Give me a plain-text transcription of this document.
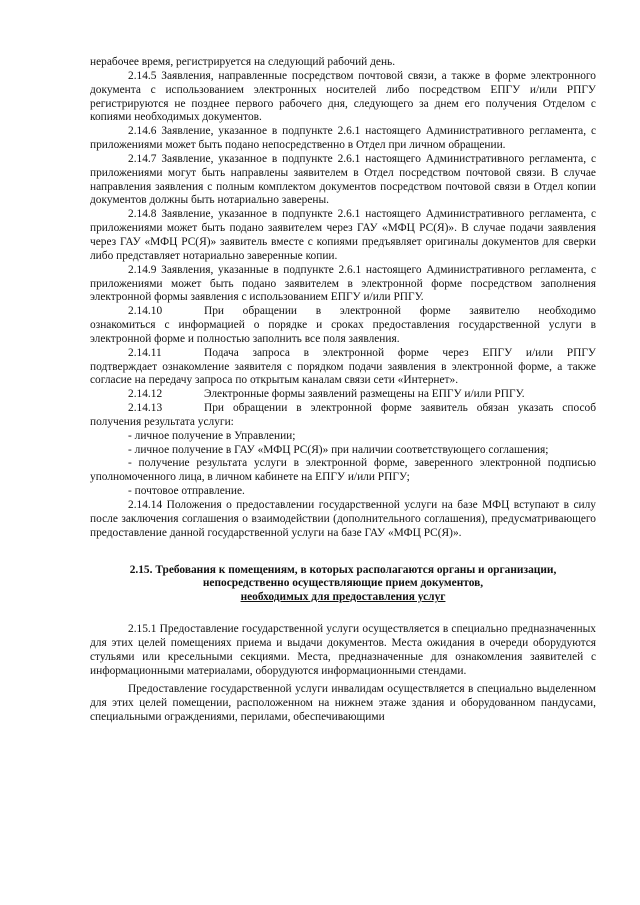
нерабочее время, регистрируется на следующий рабочий день.

2.14.5 Заявления, направленные посредством почтовой связи, а также в форме электронного документа с использованием электронных носителей либо посредством ЕПГУ и/или РПГУ регистрируются не позднее первого рабочего дня, следующего за днем его получения Отделом с копиями необходимых документов.

2.14.6 Заявление, указанное в подпункте 2.6.1 настоящего Административного регламента, с приложениями может быть подано непосредственно в Отдел при личном обращении.

2.14.7 Заявление, указанное в подпункте 2.6.1 настоящего Административного регламента, с приложениями могут быть направлены заявителем в Отдел посредством почтовой связи. В случае направления заявления с полным комплектом документов посредством почтовой связи в Отдел копии документов должны быть нотариально заверены.

2.14.8 Заявление, указанное в подпункте 2.6.1 настоящего Административного регламента, с приложениями может быть подано заявителем через ГАУ «МФЦ РС(Я)». В случае подачи заявления через ГАУ «МФЦ РС(Я)» заявитель вместе с копиями предъявляет оригиналы документов для сверки либо представляет нотариально заверенные копии.

2.14.9 Заявления, указанные в подпункте 2.6.1 настоящего Административного регламента, с приложениями может быть подано заявителем в электронной форме посредством заполнения электронной формы заявления с использованием ЕПГУ и/или РПГУ.

2.14.10	При обращении в электронной форме заявителю необходимо

ознакомиться с информацией о порядке и сроках предоставления государственной услуги в электронной форме и полностью заполнить все поля заявления.

2.14.11	Подача запроса в электронной форме через ЕПГУ и/или РПГУ

подтверждает ознакомление заявителя с порядком подачи заявления в электронной форме, а также согласие на передачу запроса по открытым каналам связи сети «Интернет».

2.14.12	Электронные формы заявлений размещены на ЕПГУ и/или РПГУ.
2.14.13	При обращении в электронной форме заявитель обязан указать способ

получения результата услуги:

- личное получение в Управлении;

- личное получение в ГАУ «МФЦ РС(Я)» при наличии соответствующего соглашения;

- получение результата услуги в электронной форме, заверенного электронной подписью уполномоченного лица, в личном кабинете на ЕПГУ и/или РПГУ;

- почтовое отправление.

2.14.14 Положения о предоставлении государственной услуги на базе МФЦ вступают в силу после заключения соглашения о взаимодействии (дополнительного соглашения), предусматривающего предоставление данной государственной услуги на базе ГАУ «МФЦ РС(Я)».

2.15. Требования к помещениям, в которых располагаются органы и организации,
непосредственно осуществляющие прием документов,
необходимых для предоставления услуг

2.15.1 Предоставление государственной услуги осуществляется в специально предназначенных для этих целей помещениях приема и выдачи документов. Места ожидания в очереди оборудуются стульями или кресельными секциями. Места, предназначенные для ознакомления заявителей с информационными материалами, оборудуются информационными стендами.

Предоставление государственной услуги инвалидам осуществляется в специально выделенном для этих целей помещении, расположенном на нижнем этаже здания и оборудованном пандусами, специальными ограждениями, перилами, обеспечивающими
